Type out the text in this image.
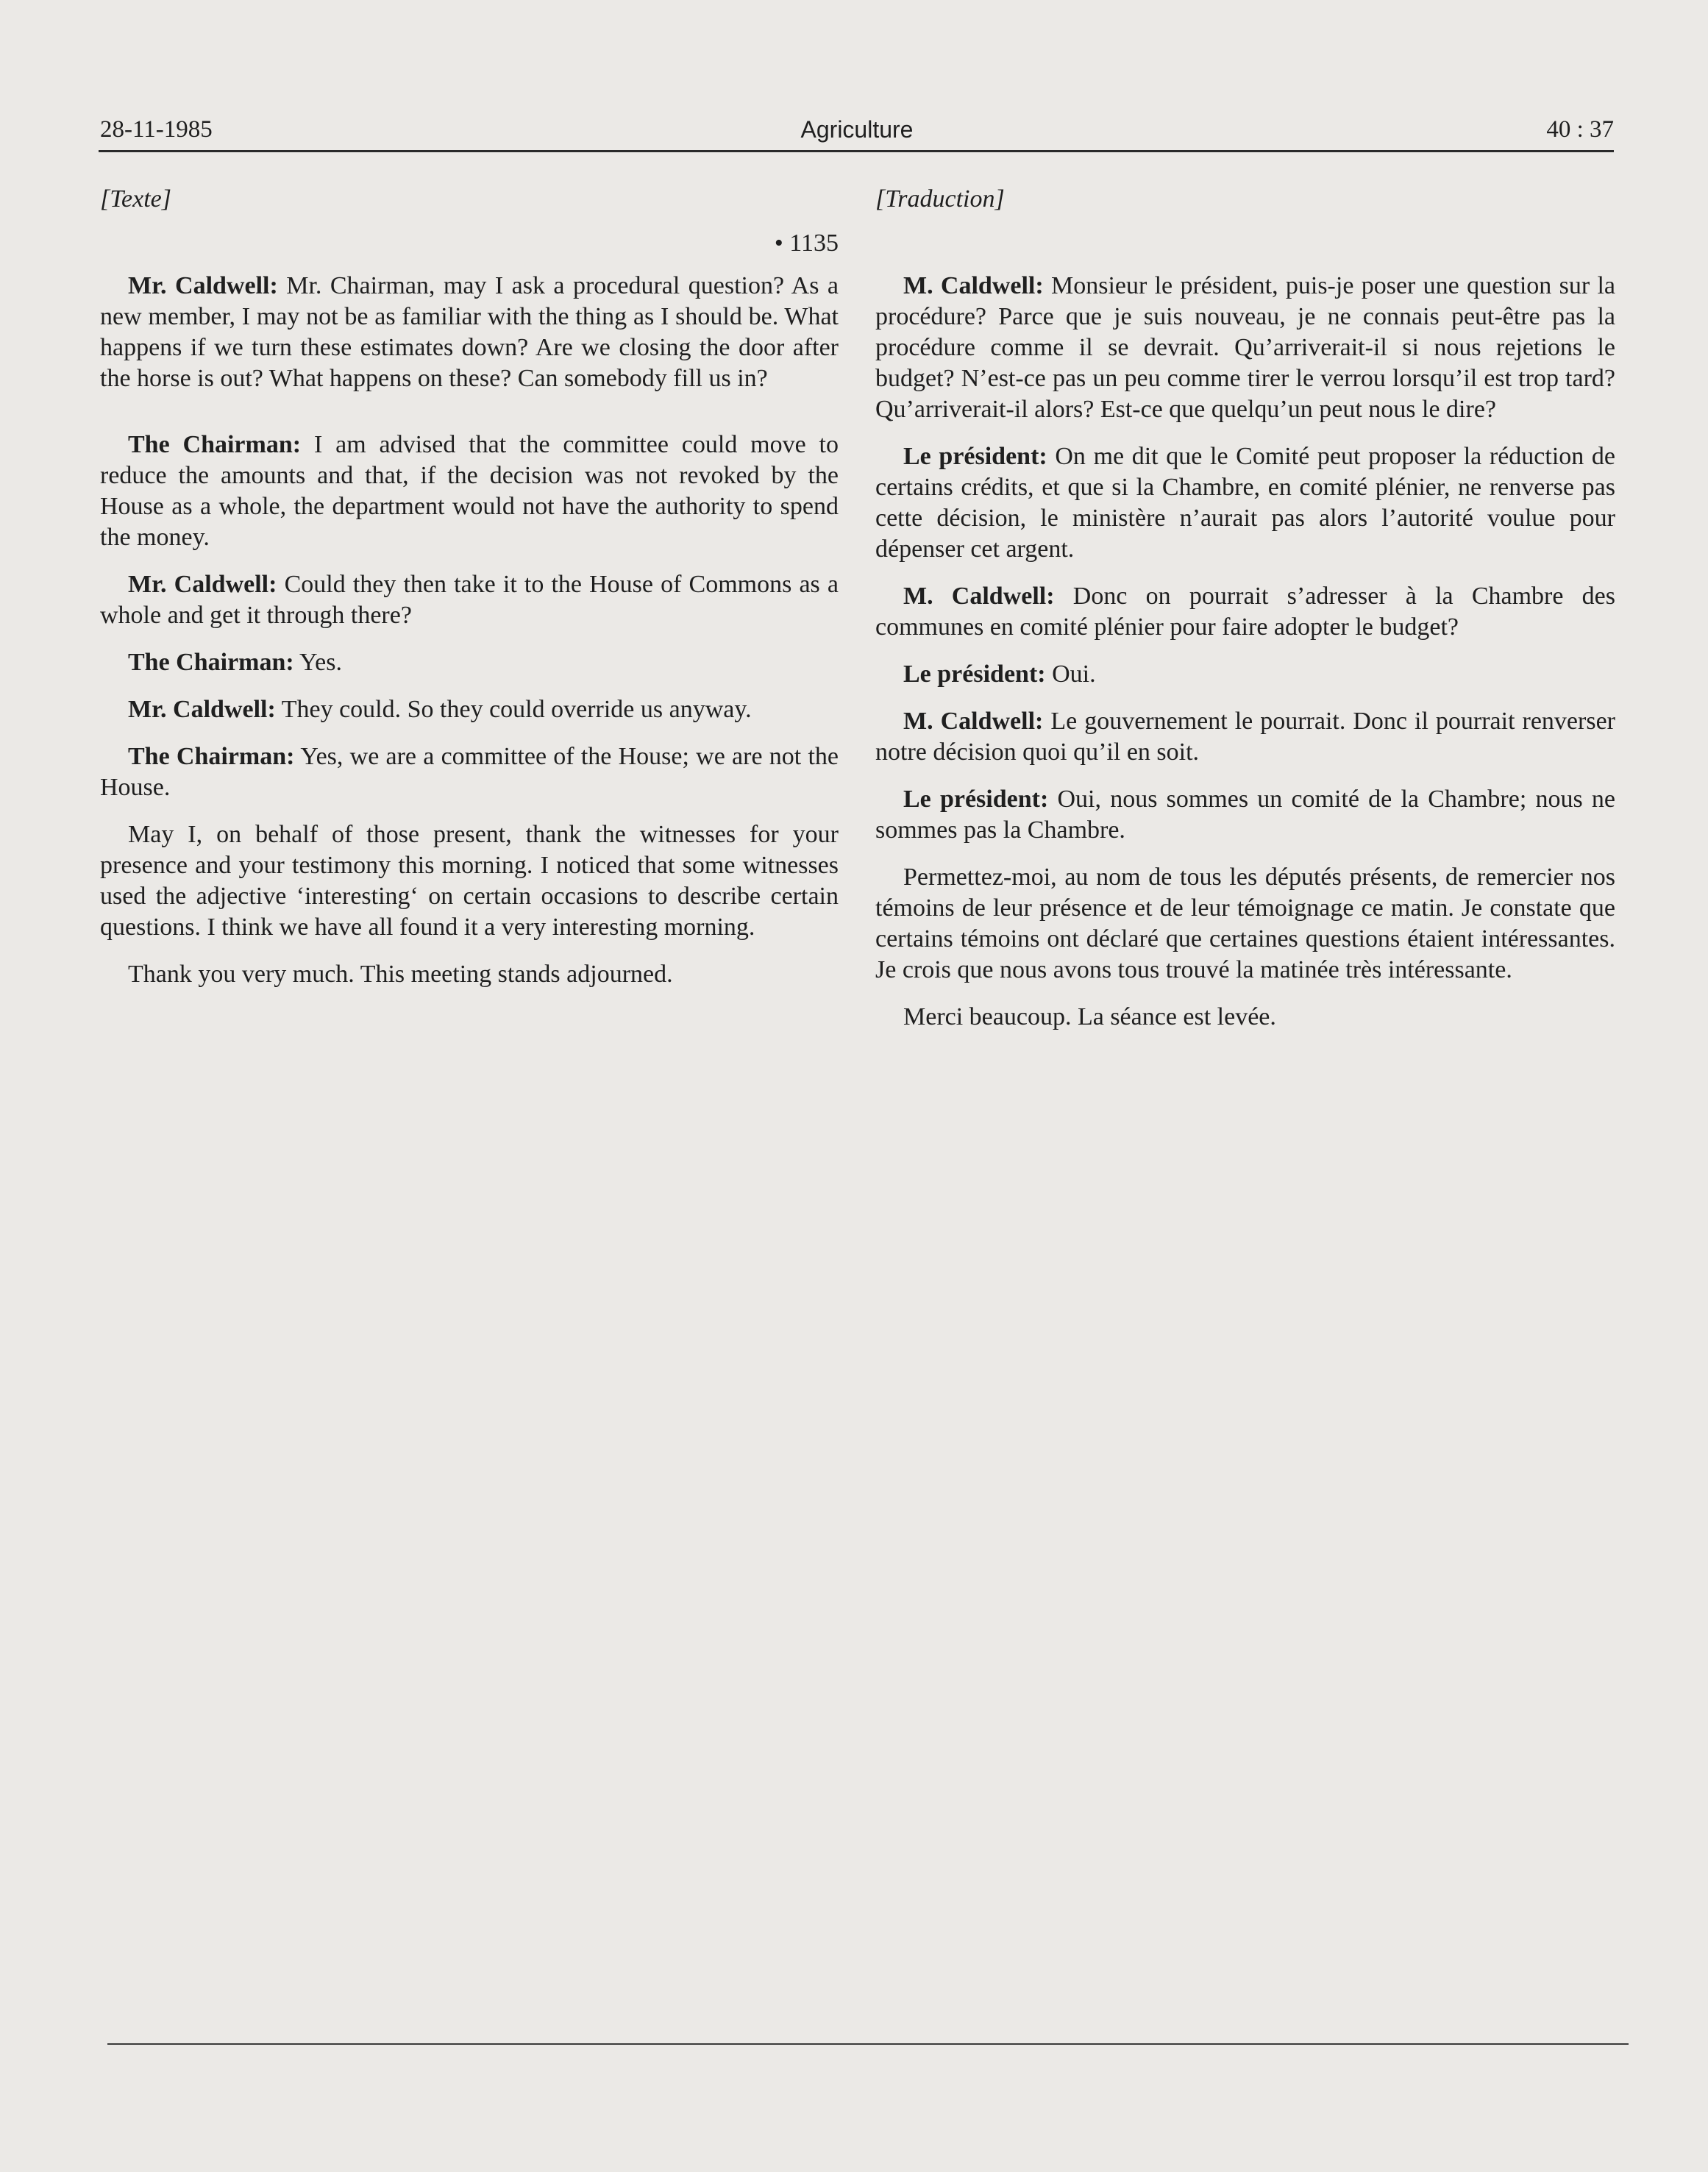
28-11-1985	Agriculture	40 : 37

[Texte]

• 1135

Mr. Caldwell: Mr. Chairman, may I ask a procedural question? As a new member, I may not be as familiar with the thing as I should be. What happens if we turn these estimates down? Are we closing the door after the horse is out? What happens on these? Can somebody fill us in?

The Chairman: I am advised that the committee could move to reduce the amounts and that, if the decision was not revoked by the House as a whole, the department would not have the authority to spend the money.

Mr. Caldwell: Could they then take it to the House of Commons as a whole and get it through there?

The Chairman: Yes.

Mr. Caldwell: They could. So they could override us anyway.

The Chairman: Yes, we are a committee of the House; we are not the House.

May I, on behalf of those present, thank the witnesses for your presence and your testimony this morning. I noticed that some witnesses used the adjective ‘interesting‘ on certain occasions to describe certain questions. I think we have all found it a very interesting morning.

Thank you very much. This meeting stands adjourned.

[Traduction]

M. Caldwell: Monsieur le président, puis-je poser une question sur la procédure? Parce que je suis nouveau, je ne connais peut-être pas la procédure comme il se devrait. Qu’arriverait-il si nous rejetions le budget? N’est-ce pas un peu comme tirer le verrou lorsqu’il est trop tard? Qu’arriverait-il alors? Est-ce que quelqu’un peut nous le dire?

Le président: On me dit que le Comité peut proposer la réduction de certains crédits, et que si la Chambre, en comité plénier, ne renverse pas cette décision, le ministère n’aurait pas alors l’autorité voulue pour dépenser cet argent.

M. Caldwell: Donc on pourrait s’adresser à la Chambre des communes en comité plénier pour faire adopter le budget?

Le président: Oui.

M. Caldwell: Le gouvernement le pourrait. Donc il pourrait renverser notre décision quoi qu’il en soit.

Le président: Oui, nous sommes un comité de la Chambre; nous ne sommes pas la Chambre.

Permettez-moi, au nom de tous les députés présents, de remercier nos témoins de leur présence et de leur témoignage ce matin. Je constate que certains témoins ont déclaré que certaines questions étaient intéressantes. Je crois que nous avons tous trouvé la matinée très intéressante.

Merci beaucoup. La séance est levée.
